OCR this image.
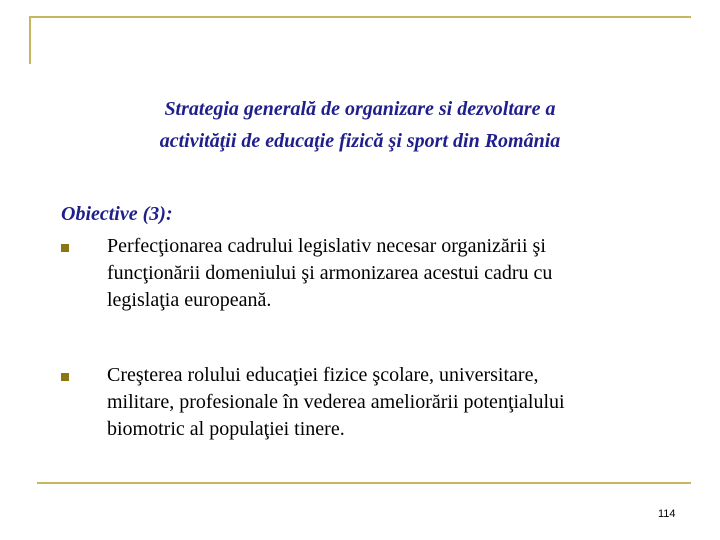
Strategia generală de organizare si dezvoltare a
activităţii de educaţie fizică şi sport din România
Obiective (3):
Perfecţionarea cadrului legislativ necesar organizării şi
funcţionării domeniului şi armonizarea acestui cadru cu
legislaţia europeană.
Creşterea rolului educaţiei fizice şcolare, universitare,
militare, profesionale în vederea ameliorării potenţialului
biomotric al populaţiei tinere.
114
